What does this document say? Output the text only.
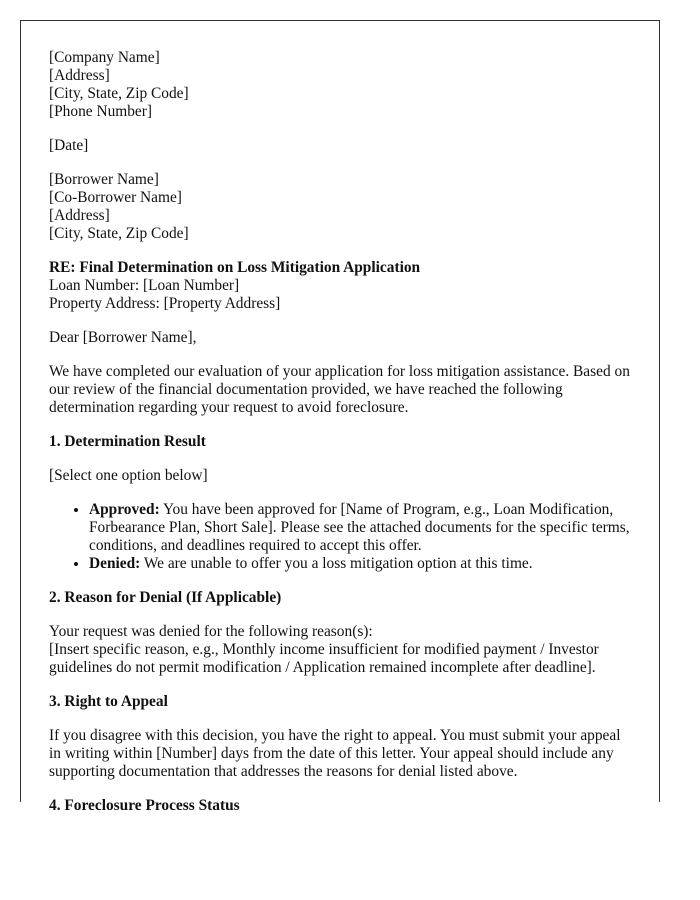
[Company Name]
[Address]
[City, State, Zip Code]
[Phone Number]

[Date]

[Borrower Name]
[Co-Borrower Name]
[Address]
[City, State, Zip Code]

RE: Final Determination on Loss Mitigation Application
Loan Number: [Loan Number]
Property Address: [Property Address]

Dear [Borrower Name],

We have completed our evaluation of your application for loss mitigation assistance. Based on our review of the financial documentation provided, we have reached the following determination regarding your request to avoid foreclosure.

1. Determination Result

[Select one option below]

• Approved: You have been approved for [Name of Program, e.g., Loan Modification, Forbearance Plan, Short Sale]. Please see the attached documents for the specific terms, conditions, and deadlines required to accept this offer.
• Denied: We are unable to offer you a loss mitigation option at this time.
2. Reason for Denial (If Applicable)

Your request was denied for the following reason(s):
[Insert specific reason, e.g., Monthly income insufficient for modified payment / Investor guidelines do not permit modification / Application remained incomplete after deadline].

3. Right to Appeal

If you disagree with this decision, you have the right to appeal. You must submit your appeal in writing within [Number] days from the date of this letter. Your appeal should include any supporting documentation that addresses the reasons for denial listed above.

4. Foreclosure Process Status
